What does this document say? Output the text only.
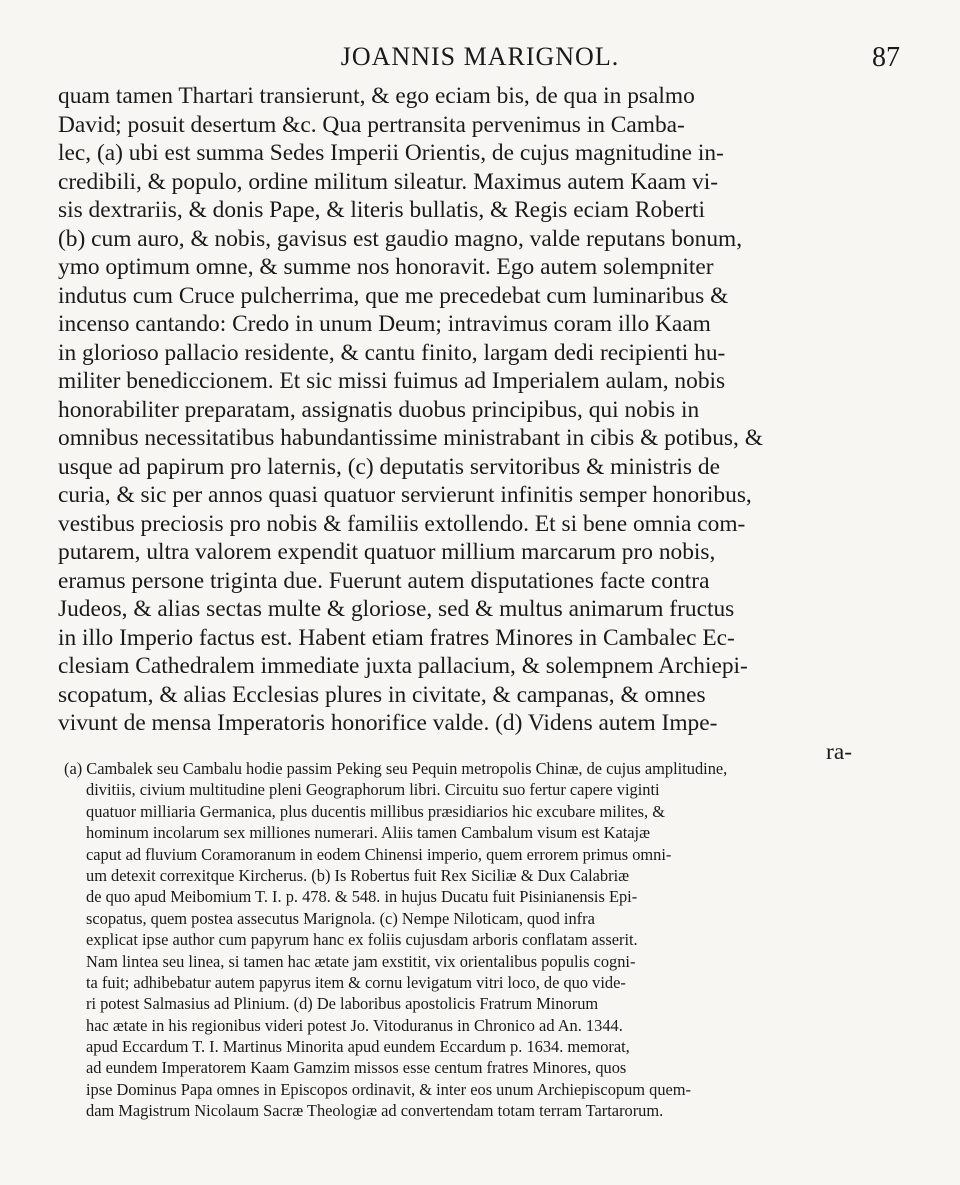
JOANNIS MARIGNOL.	87
quam tamen Thartari transierunt, & ego eciam bis, de qua in psalmo
David; posuit desertum &c. Qua pertransita pervenimus in Camba-
lec, (a) ubi est summa Sedes Imperii Orientis, de cujus magnitudine in-
credibili, & populo, ordine militum sileatur. Maximus autem Kaam vi-
sis dextrariis, & donis Pape, & literis bullatis, & Regis eciam Roberti
(b) cum auro, & nobis, gavisus est gaudio magno, valde reputans bonum,
ymo optimum omne, & summe nos honoravit. Ego autem solempniter
indutus cum Cruce pulcherrima, que me precedebat cum luminaribus &
incenso cantando: Credo in unum Deum; intravimus coram illo Kaam
in glorioso pallacio residente, & cantu finito, largam dedi recipienti hu-
militer benediccionem. Et sic missi fuimus ad Imperialem aulam, nobis
honorabiliter preparatam, assignatis duobus principibus, qui nobis in
omnibus necessitatibus habundantissime ministrabant in cibis & potibus, &
usque ad papirum pro laternis, (c) deputatis servitoribus & ministris de
curia, & sic per annos quasi quatuor servierunt infinitis semper honoribus,
vestibus preciosis pro nobis & familiis extollendo. Et si bene omnia com-
putarem, ultra valorem expendit quatuor millium marcarum pro nobis,
eramus persone triginta due. Fuerunt autem disputationes facte contra
Judeos, & alias sectas multe & gloriose, sed & multus animarum fructus
in illo Imperio factus est. Habent etiam fratres Minores in Cambalec Ec-
clesiam Cathedralem immediate juxta pallacium, & solempnem Archiepi-
scopatum, & alias Ecclesias plures in civitate, & campanas, & omnes
vivunt de mensa Imperatoris honorifice valde. (d) Videns autem Impe-
ra-
(a) Cambalek seu Cambalu hodie passim Peking seu Pequin metropolis Chinæ, de cujus amplitudine,
divitiis, civium multitudine pleni Geographorum libri. Circuitu suo fertur capere viginti
quatuor milliaria Germanica, plus ducentis millibus præsidiarios hic excubare milites, &
hominum incolarum sex milliones numerari. Aliis tamen Cambalum visum est Katajæ
caput ad fluvium Coramoranum in eodem Chinensi imperio, quem errorem primus omni-
um detexit correxitque Kircherus. (b) Is Robertus fuit Rex Siciliæ & Dux Calabriæ
de quo apud Meibomium T. I. p. 478. & 548. in hujus Ducatu fuit Pisinianensis Epi-
scopatus, quem postea assecutus Marignola. (c) Nempe Niloticam, quod infra
explicat ipse author cum papyrum hanc ex foliis cujusdam arboris conflatam asserit.
Nam lintea seu linea, si tamen hac ætate jam exstitit, vix orientalibus populis cogni-
ta fuit; adhibebatur autem papyrus item & cornu levigatum vitri loco, de quo vide-
ri potest Salmasius ad Plinium. (d) De laboribus apostolicis Fratrum Minorum
hac ætate in his regionibus videri potest Jo. Vitoduranus in Chronico ad An. 1344.
apud Eccardum T. I. Martinus Minorita apud eundem Eccardum p. 1634. memorat,
ad eundem Imperatorem Kaam Gamzim missos esse centum fratres Minores, quos
ipse Dominus Papa omnes in Episcopos ordinavit, & inter eos unum Archiepiscopum quem-
dam Magistrum Nicolaum Sacræ Theologiæ ad convertendam totam terram Tartarorum.
